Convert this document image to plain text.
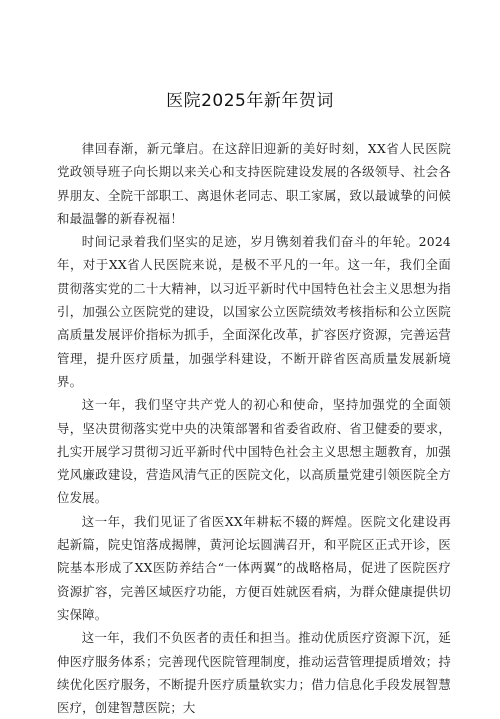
医院2025年新年贺词

律回春渐，新元肇启。在这辞旧迎新的美好时刻，XX省人民医院党政领导班子向长期以来关心和支持医院建设发展的各级领导、社会各界朋友、全院干部职工、离退休老同志、职工家属，致以最诚挚的问候和最温馨的新春祝福！

时间记录着我们坚实的足迹，岁月镌刻着我们奋斗的年轮。2024年，对于XX省人民医院来说，是极不平凡的一年。这一年，我们全面贯彻落实党的二十大精神，以习近平新时代中国特色社会主义思想为指引，加强公立医院党的建设，以国家公立医院绩效考核指标和公立医院高质量发展评价指标为抓手，全面深化改革，扩容医疗资源，完善运营管理，提升医疗质量，加强学科建设，不断开辟省医高质量发展新境界。

这一年，我们坚守共产党人的初心和使命，坚持加强党的全面领导，坚决贯彻落实党中央的决策部署和省委省政府、省卫健委的要求，扎实开展学习贯彻习近平新时代中国特色社会主义思想主题教育，加强党风廉政建设，营造风清气正的医院文化，以高质量党建引领医院全方位发展。

这一年，我们见证了省医XX年耕耘不辍的辉煌。医院文化建设再起新篇，院史馆落成揭牌，黄河论坛圆满召开，和平院区正式开诊，医院基本形成了XX医防养结合“一体两翼”的战略格局，促进了医院医疗资源扩容，完善区域医疗功能，方便百姓就医看病，为群众健康提供切实保障。

这一年，我们不负医者的责任和担当。推动优质医疗资源下沉，延伸医疗服务体系；完善现代医院管理制度，推动运营管理提质增效；持续优化医疗服务，不断提升医疗质量软实力；借力信息化手段发展智慧医疗，创建智慧医院；大
